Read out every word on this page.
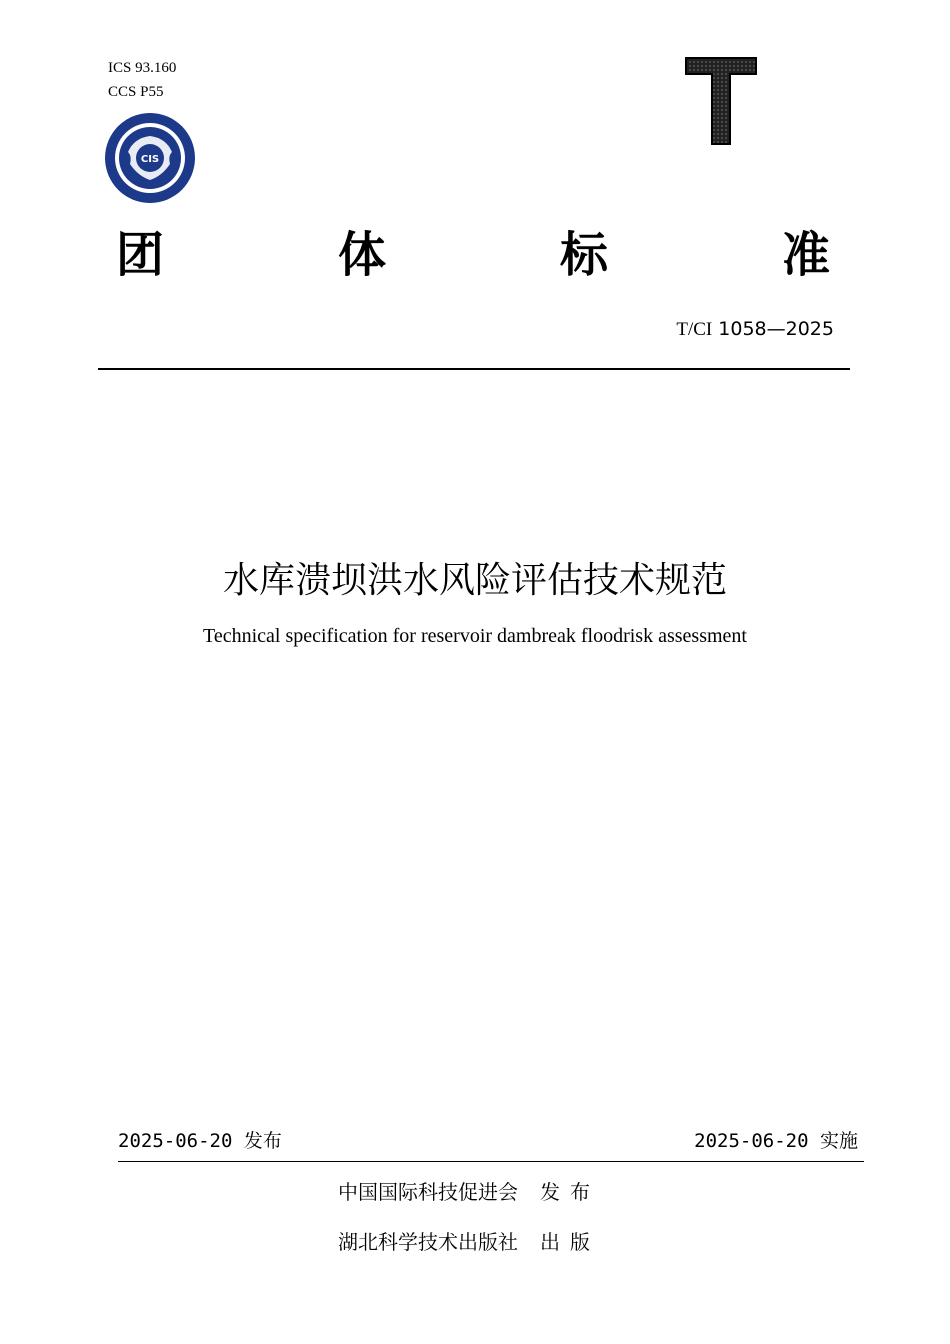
ICS 93.160
CCS P55
CIS
团	体	标	准
T/CI 1058—2025
水库溃坝洪水风险评估技术规范
Technical specification for reservoir dambreak floodrisk assessment
2025-06-20 发布	2025-06-20 实施
中国国际科技促进会 发布
湖北科学技术出版社 出版
